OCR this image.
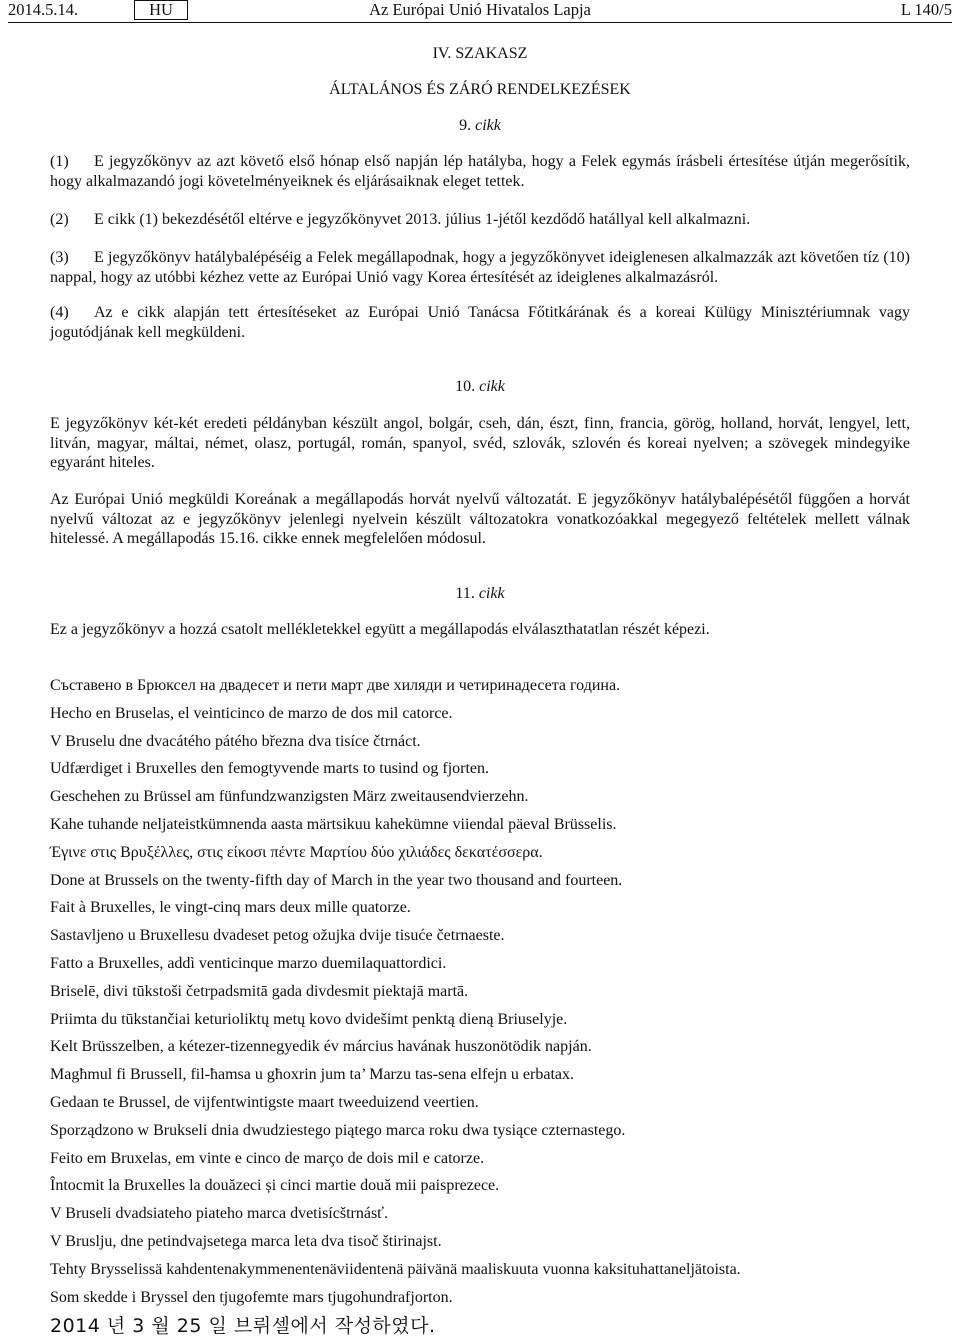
2014.5.14.	HU	Az Európai Unió Hivatalos Lapja	L 140/5
IV. SZAKASZ
ÁLTALÁNOS ÉS ZÁRÓ RENDELKEZÉSEK
9. cikk
(1) E jegyzőkönyv az azt követő első hónap első napján lép hatályba, hogy a Felek egymás írásbeli értesítése útján megerősítik, hogy alkalmazandó jogi követelményeiknek és eljárásaiknak eleget tettek.
(2) E cikk (1) bekezdésétől eltérve e jegyzőkönyvet 2013. július 1-jétől kezdődő hatállyal kell alkalmazni.
(3) E jegyzőkönyv hatálybalépéséig a Felek megállapodnak, hogy a jegyzőkönyvet ideiglenesen alkalmazzák azt követően tíz (10) nappal, hogy az utóbbi kézhez vette az Európai Unió vagy Korea értesítését az ideiglenes alkalmazásról.
(4) Az e cikk alapján tett értesítéseket az Európai Unió Tanácsa Főtitkárának és a koreai Külügy Minisztériumnak vagy jogutódjának kell megküldeni.
10. cikk
E jegyzőkönyv két-két eredeti példányban készült angol, bolgár, cseh, dán, észt, finn, francia, görög, holland, horvát, lengyel, lett, litván, magyar, máltai, német, olasz, portugál, román, spanyol, svéd, szlovák, szlovén és koreai nyelven; a szövegek mindegyike egyaránt hiteles.
Az Európai Unió megküldi Koreának a megállapodás horvát nyelvű változatát. E jegyzőkönyv hatálybalépésétől függően a horvát nyelvű változat az e jegyzőkönyv jelenlegi nyelvein készült változatokra vonatkozóakkal megegyező feltételek mellett válnak hitelessé. A megállapodás 15.16. cikke ennek megfelelően módosul.
11. cikk
Ez a jegyzőkönyv a hozzá csatolt mellékletekkel együtt a megállapodás elválaszthatatlan részét képezi.
Съставено в Брюксел на двадесет и пети март две хиляди и четиринадесета година.
Hecho en Bruselas, el veinticinco de marzo de dos mil catorce.
V Bruselu dne dvacátého pátého března dva tisíce čtrnáct.
Udfærdiget i Bruxelles den femogtyvende marts to tusind og fjorten.
Geschehen zu Brüssel am fünfundzwanzigsten März zweitausendvierzehn.
Kahe tuhande neljateistkümnenda aasta märtsikuu kahekümne viiendal päeval Brüsselis.
Έγινε στις Βρυξέλλες, στις είκοσι πέντε Μαρτίου δύο χιλιάδες δεκατέσσερα.
Done at Brussels on the twenty-fifth day of March in the year two thousand and fourteen.
Fait à Bruxelles, le vingt-cinq mars deux mille quatorze.
Sastavljeno u Bruxellesu dvadeset petog ožujka dvije tisuće četrnaeste.
Fatto a Bruxelles, addì venticinque marzo duemilaquattordici.
Briselē, divi tūkstoši četrpadsmitā gada divdesmit piektajā martā.
Priimta du tūkstančiai keturioliktų metų kovo dvidešimt penktą dieną Briuselyje.
Kelt Brüsszelben, a kétezer-tizennegyedik év március havának huszonötödik napján.
Magħmul fi Brussell, fil-ħamsa u għoxrin jum ta’ Marzu tas-sena elfejn u erbatax.
Gedaan te Brussel, de vijfentwintigste maart tweeduizend veertien.
Sporządzono w Brukseli dnia dwudziestego piątego marca roku dwa tysiące czternastego.
Feito em Bruxelas, em vinte e cinco de março de dois mil e catorze.
Întocmit la Bruxelles la douăzeci și cinci martie două mii paisprezece.
V Bruseli dvadsiateho piateho marca dvetisícštrnásť.
V Bruslju, dne petindvajsetega marca leta dva tisoč štirinajst.
Tehty Brysselissä kahdentenakymmenentenäviidentenä päivänä maaliskuuta vuonna kaksituhattaneljätoista.
Som skedde i Bryssel den tjugofemte mars tjugohundrafjorton.
2014 년 3 월 25 일 브뤼셀에서 작성하였다.
